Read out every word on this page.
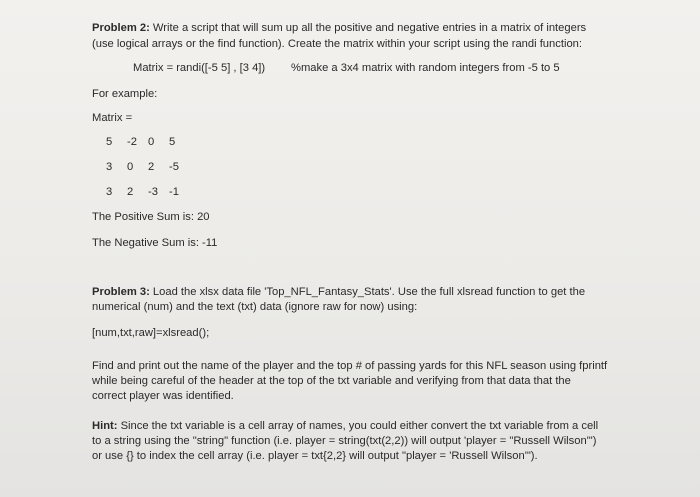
Problem 2: Write a script that will sum up all the positive and negative entries in a matrix of integers
(use logical arrays or the find function). Create the matrix within your script using the randi function:
Matrix = randi([-5 5] , [3 4]) %make a 3x4 matrix with random integers from -5 to 5
For example:
Matrix =
5 -2 0 5
3 0 2 -5
3 2 -3 -1
The Positive Sum is: 20
The Negative Sum is: -11
Problem 3: Load the xlsx data file 'Top_NFL_Fantasy_Stats'. Use the full xlsread function to get the
numerical (num) and the text (txt) data (ignore raw for now) using:
[num,txt,raw]=xlsread();
Find and print out the name of the player and the top # of passing yards for this NFL season using fprintf
while being careful of the header at the top of the txt variable and verifying from that data that the
correct player was identified.
Hint: Since the txt variable is a cell array of names, you could either convert the txt variable from a cell
to a string using the "string" function (i.e. player = string(txt(2,2)) will output 'player = "Russell Wilson"')
or use {} to index the cell array (i.e. player = txt{2,2} will output "player = 'Russell Wilson'").
